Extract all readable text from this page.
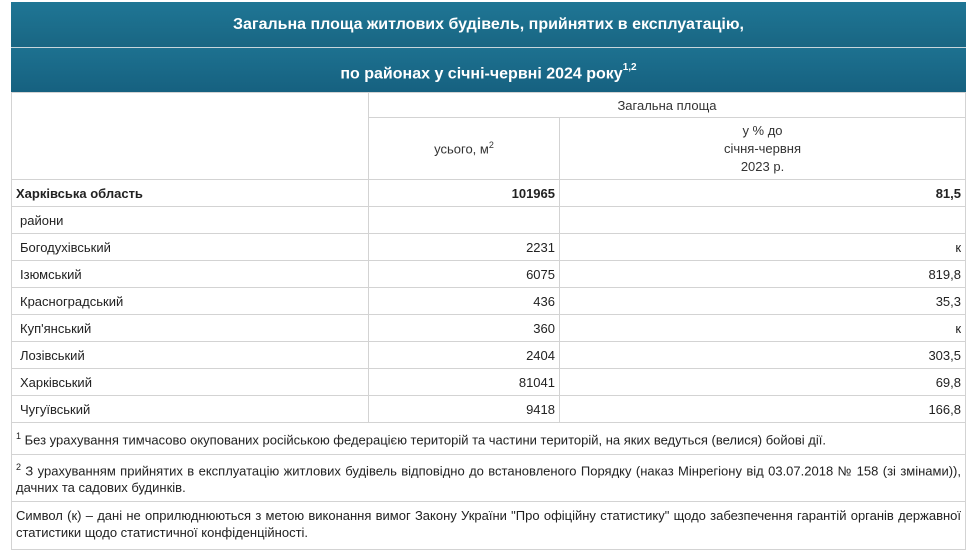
Загальна площа житлових будівель, прийнятих в експлуатацію,
по районах у січні-червні 2024 року$^{1,2}$
	Загальна площа	
	усього, $м^2$	у % до
січня-червня
2023 р.

Харківська область	101965	81,5
райони		
Богодухівський	2231	к
Ізюмський	6075	819,8
Красноградський	436	35,3
Куп'янський	360	к
Лозівський	2404	303,5
Харківський	81041	69,8
Чугуївський	9418	166,8
$^1$ Без урахування тимчасово окупованих російською федерацією територій та частини територій, на яких ведуться (велися) бойові дії.
$^2$ З урахуванням прийнятих в експлуатацію житлових будівель відповідно до встановленого Порядку (наказ Мінрегіону від 03.07.2018 № 158 (зі змінами)), дачних та садових будинків.
Символ (к) – дані не оприлюднюються з метою виконання вимог Закону України "Про офіційну статистику" щодо забезпечення гарантій органів державної статистики щодо статистичної конфіденційності.
